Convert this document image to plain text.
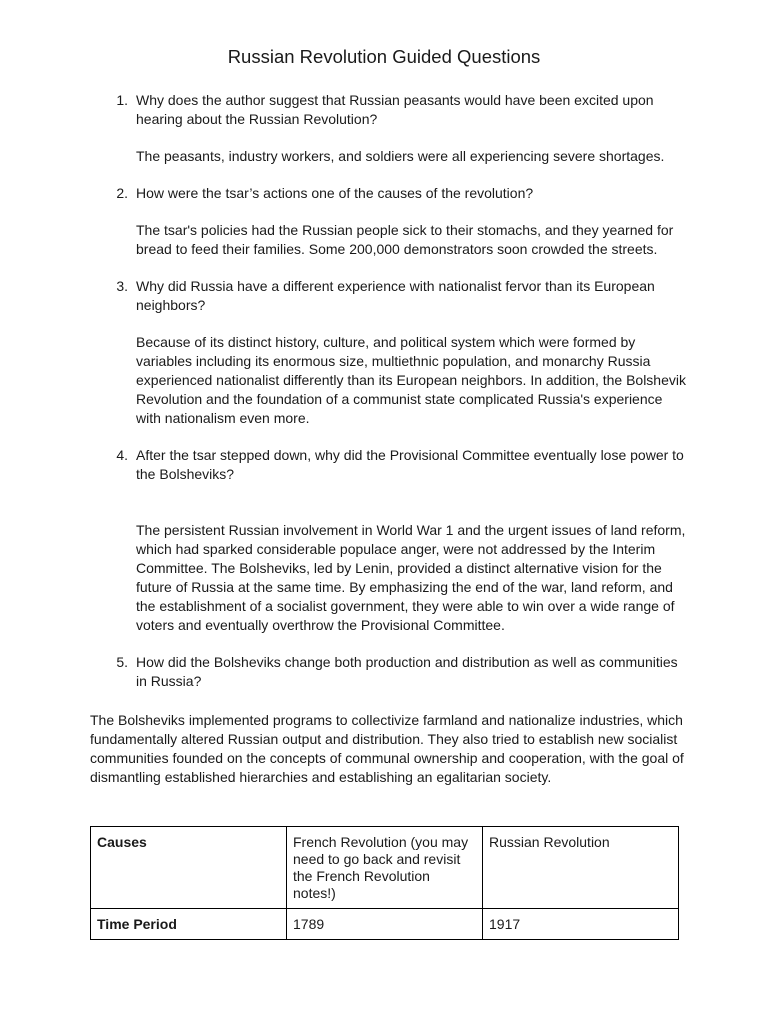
Russian Revolution Guided Questions
1. Why does the author suggest that Russian peasants would have been excited upon hearing about the Russian Revolution?
The peasants, industry workers, and soldiers were all experiencing severe shortages.
2. How were the tsar’s actions one of the causes of the revolution?
The tsar's policies had the Russian people sick to their stomachs, and they yearned for bread to feed their families. Some 200,000 demonstrators soon crowded the streets.
3. Why did Russia have a different experience with nationalist fervor than its European neighbors?
Because of its distinct history, culture, and political system which were formed by variables including its enormous size, multiethnic population, and monarchy Russia experienced nationalist differently than its European neighbors. In addition, the Bolshevik Revolution and the foundation of a communist state complicated Russia's experience with nationalism even more.
4. After the tsar stepped down, why did the Provisional Committee eventually lose power to the Bolsheviks?
The persistent Russian involvement in World War 1 and the urgent issues of land reform, which had sparked considerable populace anger, were not addressed by the Interim Committee. The Bolsheviks, led by Lenin, provided a distinct alternative vision for the future of Russia at the same time. By emphasizing the end of the war, land reform, and the establishment of a socialist government, they were able to win over a wide range of voters and eventually overthrow the Provisional Committee.
5. How did the Bolsheviks change both production and distribution as well as communities in Russia?

The Bolsheviks implemented programs to collectivize farmland and nationalize industries, which fundamentally altered Russian output and distribution. They also tried to establish new socialist communities founded on the concepts of communal ownership and cooperation, with the goal of dismantling established hierarchies and establishing an egalitarian society.

Causes	French Revolution (you may need to go back and revisit the French Revolution notes!)	Russian Revolution
Time Period	1789	1917
